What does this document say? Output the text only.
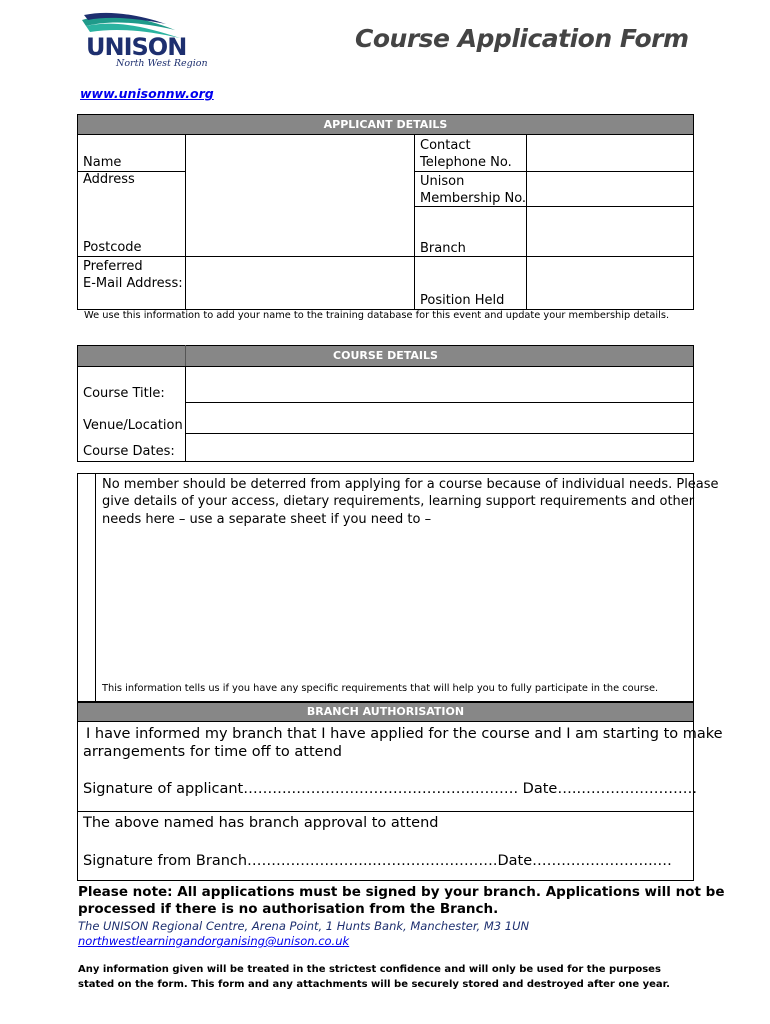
UNISON
North West Region
Course Application Form
www.unisonnw.org
APPLICANT DETAILS
Name
Address
Postcode
Preferred
E-Mail Address:
Contact
Telephone No.
Unison
Membership No.
Branch
Position Held
We use this information to add your name to the training database for this event and update your membership details.
COURSE DETAILS
Course Title:
Venue/Location
Course Dates:
No member should be deterred from applying for a course because of individual needs. Please
give details of your access, dietary requirements, learning support requirements and other
needs here – use a separate sheet if you need to –
This information tells us if you have any specific requirements that will help you to fully participate in the course.
BRANCH AUTHORISATION
I have informed my branch that I have applied for the course and I am starting to make
arrangements for time off to attend
Signature of applicant……….……………………………….………. Date….…………………….
The above named has branch approval to attend
Signature from Branch……………………...…………………….Date……………………..…
Please note: All applications must be signed by your branch. Applications will not be
processed if there is no authorisation from the Branch.
The UNISON Regional Centre, Arena Point, 1 Hunts Bank, Manchester, M3 1UN
northwestlearningandorganising@unison.co.uk
Any information given will be treated in the strictest confidence and will only be used for the purposes
stated on the form. This form and any attachments will be securely stored and destroyed after one year.
